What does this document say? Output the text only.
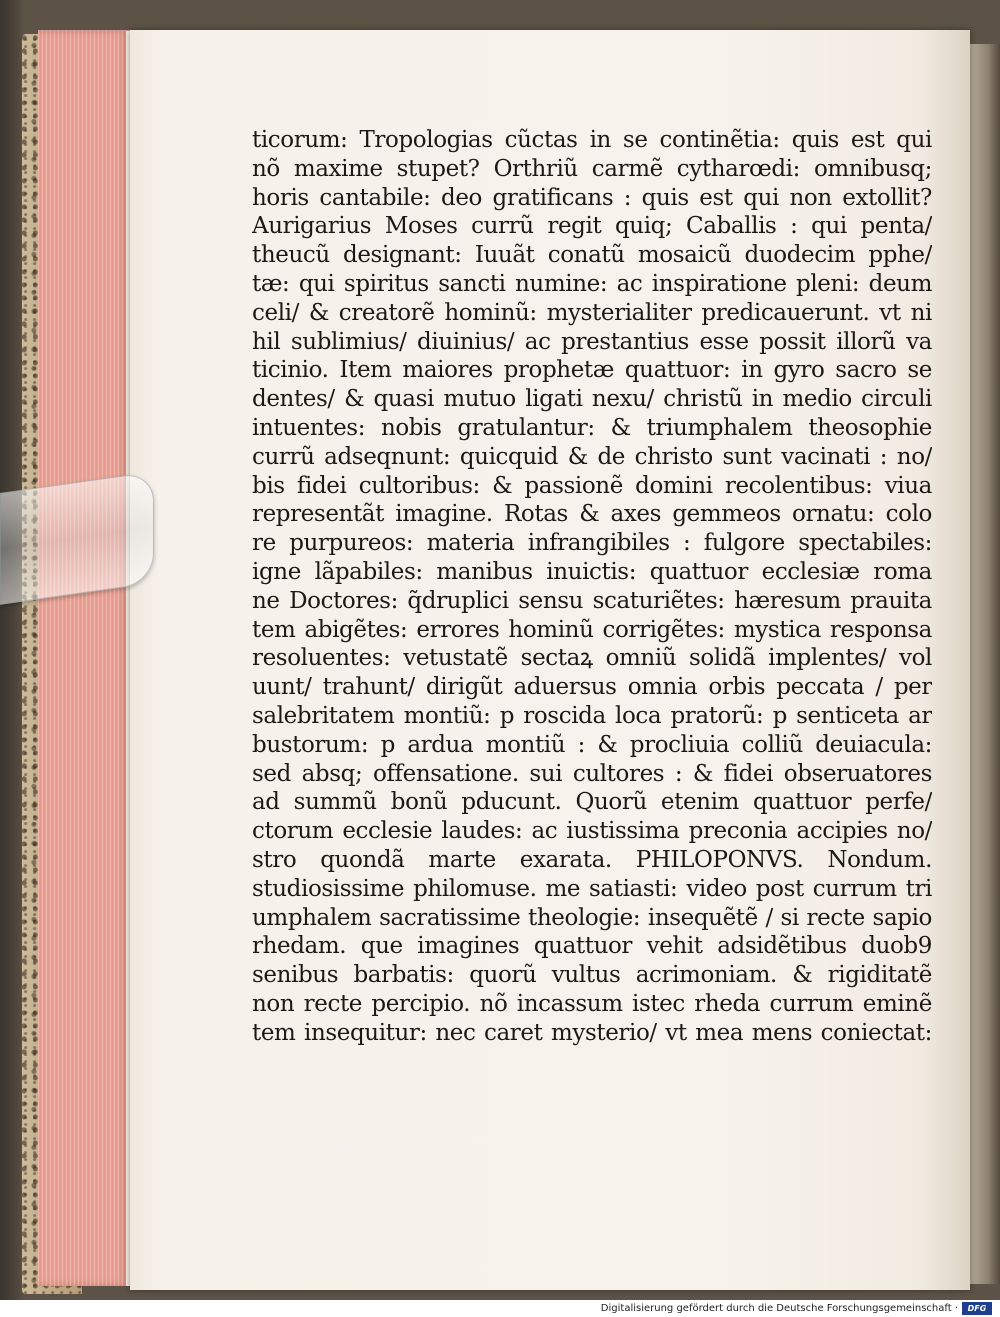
ticorum: Tropologias cũctas in se continẽtia: quis est qui
nõ maxime stupet? Orthriũ carmẽ cytharœdi: omnibusq;
horis cantabile: deo gratificans : quis est qui non extollit?
Aurigarius Moses currũ regit quiq; Caballis : qui penta/
theucũ designant: Iuuãt conatũ mosaicũ duodecim pphe/
tæ: qui spiritus sancti numine: ac inspiratione pleni: deum
celi/ & creatorẽ hominũ: mysterialiter predicauerunt. vt ni
hil sublimius/ diuinius/ ac prestantius esse possit illorũ va
ticinio. Item maiores prophetæ quattuor: in gyro sacro se
dentes/ & quasi mutuo ligati nexu/ christũ in medio circuli
intuentes: nobis gratulantur: & triumphalem theosophie
currũ adseqnunt: quicquid & de christo sunt vacinati : no/
bis fidei cultoribus: & passionẽ domini recolentibus: viua
representãt imagine. Rotas & axes gemmeos ornatu: colo
re purpureos: materia infrangibiles : fulgore spectabiles:
igne lãpabiles: manibus inuictis: quattuor ecclesiæ roma
ne Doctores: q̃druplici sensu scaturiẽtes: hæresum prauita
tem abigẽtes: errores hominũ corrigẽtes: mystica responsa
resoluentes: vetustatẽ sectaꝝ omniũ solidã implentes/ vol
uunt/ trahunt/ dirigũt aduersus omnia orbis peccata / per
salebritatem montiũ: p roscida loca pratorũ: p senticeta ar
bustorum: p ardua montiũ : & procliuia colliũ deuiacula:
sed absq; offensatione. sui cultores : & fidei obseruatores
ad summũ bonũ pducunt. Quorũ etenim quattuor perfe/
ctorum ecclesie laudes: ac iustissima preconia accipies no/
stro quondã marte exarata. PHILOPONVS. Nondum.
studiosissime philomuse. me satiasti: video post currum tri
umphalem sacratissime theologie: insequẽtẽ / si recte sapio
rhedam. que imagines quattuor vehit adsidẽtibus duob9
senibus barbatis: quorũ vultus acrimoniam. & rigiditatẽ
non recte percipio. nõ incassum istec rheda currum eminẽ
tem insequitur: nec caret mysterio/ vt mea mens coniectat:
Digitalisierung gefördert durch die Deutsche Forschungsgemeinschaft ·	DFG
